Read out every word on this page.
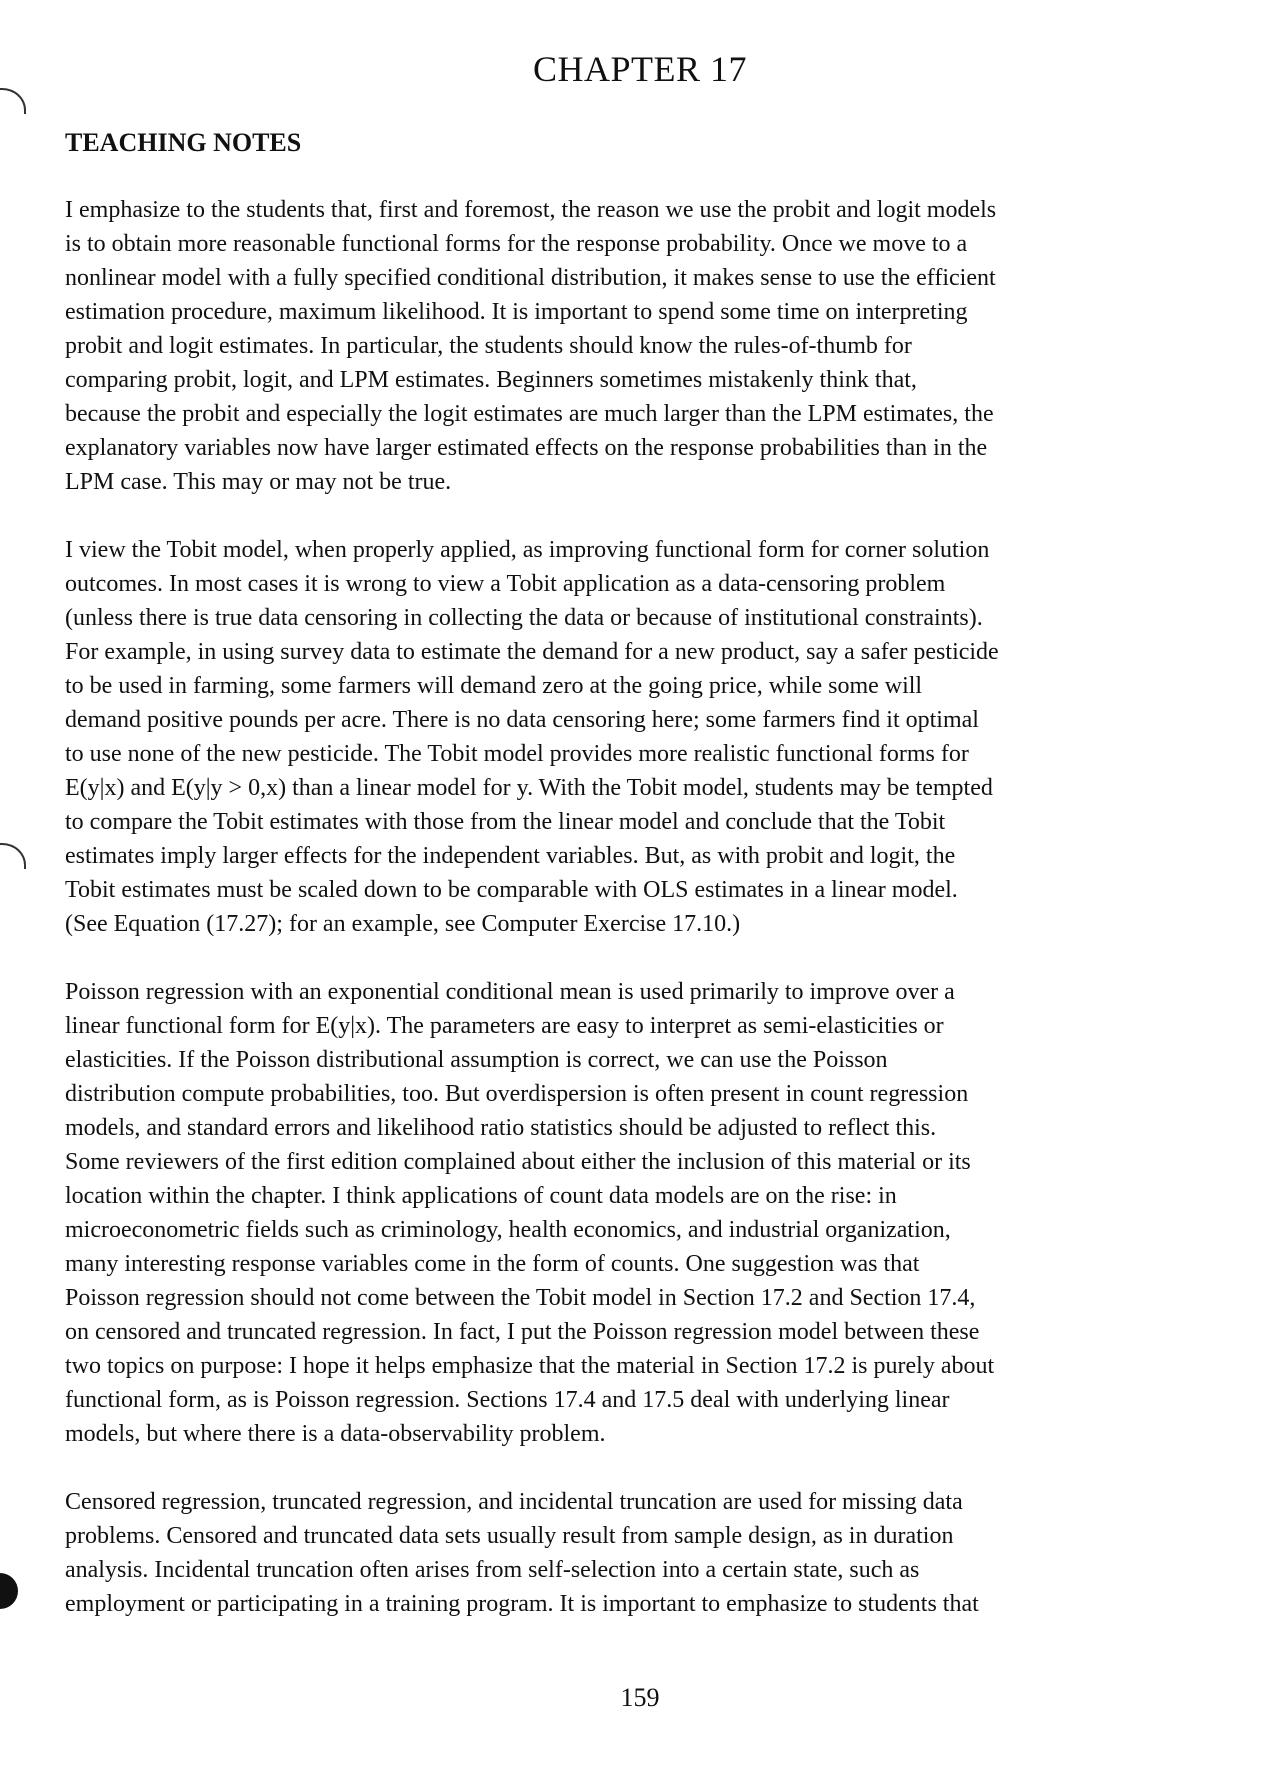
CHAPTER 17
TEACHING NOTES

I emphasize to the students that, first and foremost, the reason we use the probit and logit models
is to obtain more reasonable functional forms for the response probability. Once we move to a
nonlinear model with a fully specified conditional distribution, it makes sense to use the efficient
estimation procedure, maximum likelihood. It is important to spend some time on interpreting
probit and logit estimates. In particular, the students should know the rules-of-thumb for
comparing probit, logit, and LPM estimates. Beginners sometimes mistakenly think that,
because the probit and especially the logit estimates are much larger than the LPM estimates, the
explanatory variables now have larger estimated effects on the response probabilities than in the
LPM case. This may or may not be true.

I view the Tobit model, when properly applied, as improving functional form for corner solution
outcomes. In most cases it is wrong to view a Tobit application as a data-censoring problem
(unless there is true data censoring in collecting the data or because of institutional constraints).
For example, in using survey data to estimate the demand for a new product, say a safer pesticide
to be used in farming, some farmers will demand zero at the going price, while some will
demand positive pounds per acre. There is no data censoring here; some farmers find it optimal
to use none of the new pesticide. The Tobit model provides more realistic functional forms for
E(y|x) and E(y|y > 0,x) than a linear model for y. With the Tobit model, students may be tempted
to compare the Tobit estimates with those from the linear model and conclude that the Tobit
estimates imply larger effects for the independent variables. But, as with probit and logit, the
Tobit estimates must be scaled down to be comparable with OLS estimates in a linear model.
(See Equation (17.27); for an example, see Computer Exercise 17.10.)

Poisson regression with an exponential conditional mean is used primarily to improve over a
linear functional form for E(y|x). The parameters are easy to interpret as semi-elasticities or
elasticities. If the Poisson distributional assumption is correct, we can use the Poisson
distribution compute probabilities, too. But overdispersion is often present in count regression
models, and standard errors and likelihood ratio statistics should be adjusted to reflect this.
Some reviewers of the first edition complained about either the inclusion of this material or its
location within the chapter. I think applications of count data models are on the rise: in
microeconometric fields such as criminology, health economics, and industrial organization,
many interesting response variables come in the form of counts. One suggestion was that
Poisson regression should not come between the Tobit model in Section 17.2 and Section 17.4,
on censored and truncated regression. In fact, I put the Poisson regression model between these
two topics on purpose: I hope it helps emphasize that the material in Section 17.2 is purely about
functional form, as is Poisson regression. Sections 17.4 and 17.5 deal with underlying linear
models, but where there is a data-observability problem.

Censored regression, truncated regression, and incidental truncation are used for missing data
problems. Censored and truncated data sets usually result from sample design, as in duration
analysis. Incidental truncation often arises from self-selection into a certain state, such as
employment or participating in a training program. It is important to emphasize to students that

159
